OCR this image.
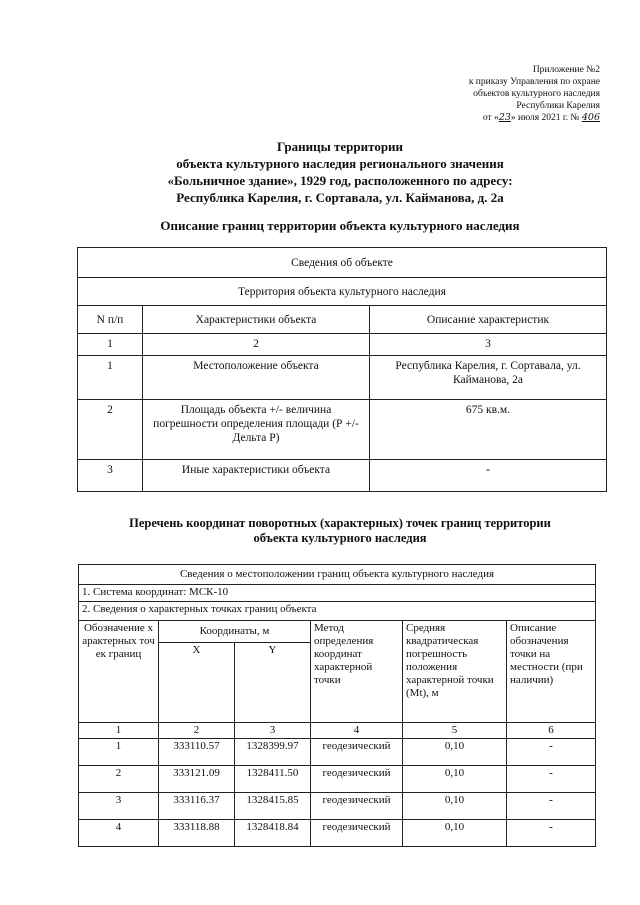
Приложение №2
к приказу Управления по охране
объектов культурного наследия
Республики Карелия
от «23» июля 2021 г. № 406
Границы территории
объекта культурного наследия регионального значения
«Больничное здание», 1929 год, расположенного по адресу:
Республика Карелия, г. Сортавала, ул. Кайманова, д. 2а
Описание границ территории объекта культурного наследия
Сведения об объекте		
Территория объекта культурного наследия		
N п/п	Характеристики объекта	Описание характеристик
1	2	3
1	Местоположение объекта	Республика Карелия, г. Сортавала, ул. Кайманова, 2а
2	Площадь объекта +/- величина погрешности определения площади (Р +/- Дельта Р)	675 кв.м.
3	Иные характеристики объекта	-
Перечень координат поворотных (характерных) точек границ территории
объекта культурного наследия
Сведения о местоположении границ объекта культурного наследия					
1. Система координат: МСК-10					
2. Сведения о характерных точках границ объекта					
Обозначение характерных точек границ	Координаты, м		Метод определения координат характерной точки	Средняя квадратическая погрешность положения характерной точки (Mt), м	Описание обозначения точки на местности (при наличии)
	X	Y			
1	2	3	4	5	6
1	333110.57	1328399.97	геодезический	0,10	-
2	333121.09	1328411.50	геодезический	0,10	-
3	333116.37	1328415.85	геодезический	0,10	-
4	333118.88	1328418.84	геодезический	0,10	-
